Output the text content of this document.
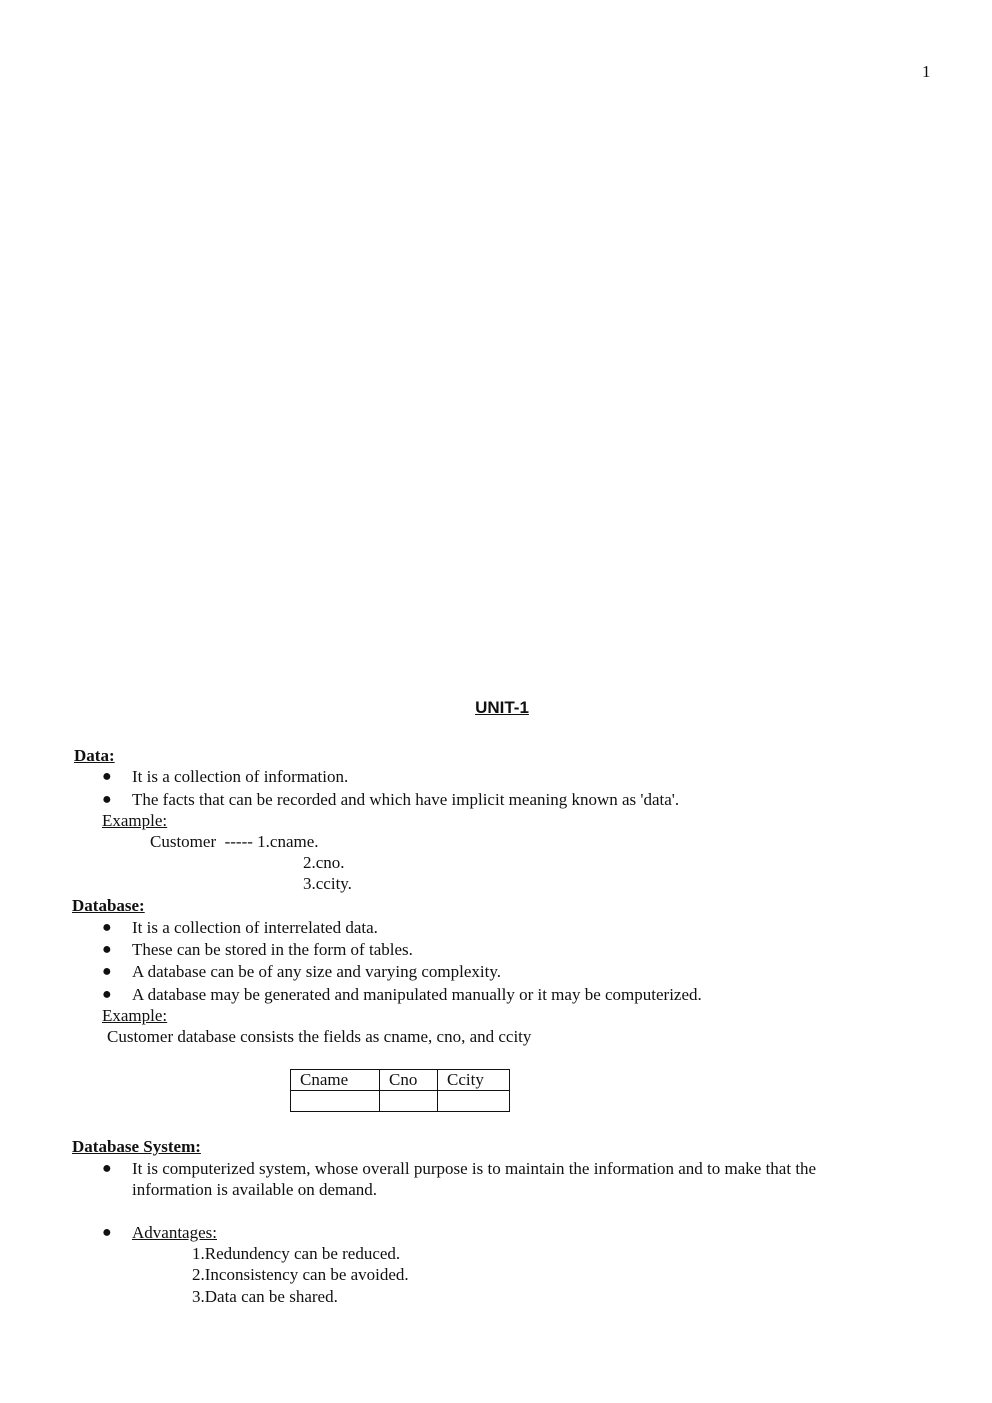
1
UNIT-1
Data:
● It is a collection of information.
● The facts that can be recorded and which have implicit meaning known as 'data'.
Example:
Customer  ----- 1.cname.
2.cno.
3.ccity.
Database:
● It is a collection of interrelated data.
● These can be stored in the form of tables.
● A database can be of any size and varying complexity.
● A database may be generated and manipulated manually or it may be computerized.
Example:
Customer database consists the fields as cname, cno, and ccity
Cname	Cno	Ccity

Database System:
● It is computerized system, whose overall purpose is to maintain the information and to make that the
information is available on demand.
● Advantages:
1.Redundency can be reduced.
2.Inconsistency can be avoided.
3.Data can be shared.
